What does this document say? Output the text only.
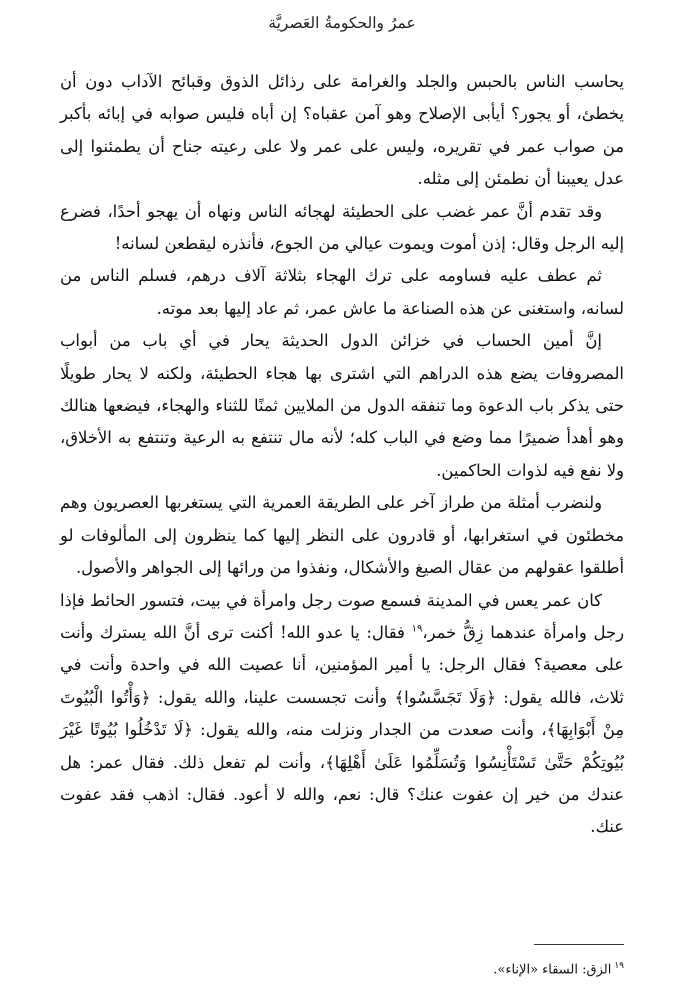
عمرُ والحكومةُ العَصريَّة

يحاسب الناس بالحبس والجلد والغرامة على رذائل الذوق وقبائح الآداب دون أن يخطئ، أو يجور؟ أيأبى الإصلاح وهو آمن عقباه؟ إن أباه فليس صوابه في إبائه بأكبر من صواب عمر في تقريره، وليس على عمر ولا على رعيته جناح أن يطمئنوا إلى عدل يعيبنا أن نطمئن إلى مثله.

وقد تقدم أنَّ عمر غضب على الحطيئة لهجائه الناس ونهاه أن يهجو أحدًا، فضرع إليه الرجل وقال: إذن أموت ويموت عيالي من الجوع، فأنذره ليقطعن لسانه!

ثم عطف عليه فساومه على ترك الهجاء بثلاثة آلاف درهم، فسلم الناس من لسانه، واستغنى عن هذه الصناعة ما عاش عمر، ثم عاد إليها بعد موته.

إنَّ أمين الحساب في خزائن الدول الحديثة يحار في أي باب من أبواب المصروفات يضع هذه الدراهم التي اشترى بها هجاء الحطيئة، ولكنه لا يحار طويلًا حتى يذكر باب الدعوة وما تنفقه الدول من الملايين ثمنًا للثناء والهجاء، فيضعها هنالك وهو أهدأ ضميرًا مما وضع في الباب كله؛ لأنه مال تنتفع به الرعية وتنتفع به الأخلاق، ولا نفع فيه لذوات الحاكمين.

ولنضرب أمثلة من طراز آخر على الطريقة العمرية التي يستغربها العصريون وهم مخطئون في استغرابها، أو قادرون على النظر إليها كما ينظرون إلى المألوفات لو أطلقوا عقولهم من عقال الصيغ والأشكال، ونفذوا من ورائها إلى الجواهر والأصول.

كان عمر يعس في المدينة فسمع صوت رجل وامرأة في بيت، فتسور الحائط فإذا رجل وامرأة عندهما زِقُّ خمر،$^{١٩}$ فقال: يا عدو الله! أكنت ترى أنَّ الله يسترك وأنت على معصية؟ فقال الرجل: يا أمير المؤمنين، أنا عصيت الله في واحدة وأنت في ثلاث، فالله يقول: ﴿وَلَا تَجَسَّسُوا﴾ وأنت تجسست علينا، والله يقول: ﴿وَأْتُوا الْبُيُوتَ مِنْ أَبْوَابِهَا﴾، وأنت صعدت من الجدار ونزلت منه، والله يقول: ﴿لَا تَدْخُلُوا بُيُوتًا غَيْرَ بُيُوتِكُمْ حَتَّىٰ تَسْتَأْنِسُوا وَتُسَلِّمُوا عَلَىٰ أَهْلِهَا﴾، وأنت لم تفعل ذلك. فقال عمر: هل عندك من خير إن عفوت عنك؟ قال: نعم، والله لا أعود. فقال: اذهب فقد عفوت عنك.

$^{١٩}$الزق: السقاء «الإناء».
